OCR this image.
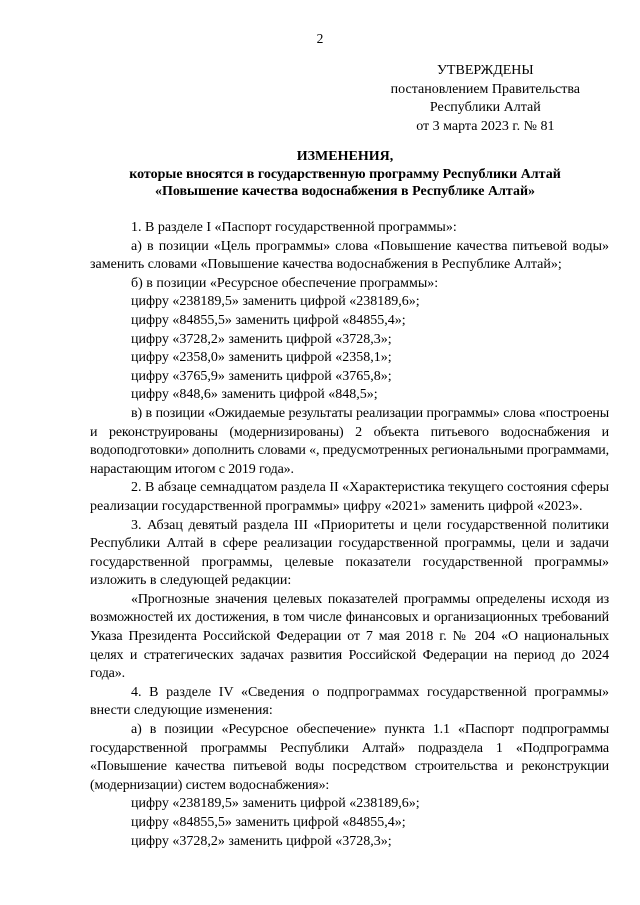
2
УТВЕРЖДЕНЫ
постановлением Правительства
Республики Алтай
от 3 марта 2023 г. № 81
ИЗМЕНЕНИЯ,
которые вносятся в государственную программу Республики Алтай
«Повышение качества водоснабжения в Республике Алтай»
1. В разделе I «Паспорт государственной программы»:
а) в позиции «Цель программы» слова «Повышение качества питьевой воды» заменить словами «Повышение качества водоснабжения в Республике Алтай»;
б) в позиции «Ресурсное обеспечение программы»:
цифру «238189,5» заменить цифрой «238189,6»;
цифру «84855,5» заменить цифрой «84855,4»;
цифру «3728,2» заменить цифрой «3728,3»;
цифру «2358,0» заменить цифрой «2358,1»;
цифру «3765,9» заменить цифрой «3765,8»;
цифру «848,6» заменить цифрой «848,5»;
в) в позиции «Ожидаемые результаты реализации программы» слова «построены и реконструированы (модернизированы) 2 объекта питьевого водоснабжения и водоподготовки» дополнить словами «, предусмотренных региональными программами, нарастающим итогом с 2019 года».
2. В абзаце семнадцатом раздела II «Характеристика текущего состояния сферы реализации государственной программы» цифру «2021» заменить цифрой «2023».
3. Абзац девятый раздела III «Приоритеты и цели государственной политики Республики Алтай в сфере реализации государственной программы, цели и задачи государственной программы, целевые показатели государственной программы» изложить в следующей редакции:
«Прогнозные значения целевых показателей программы определены исходя из возможностей их достижения, в том числе финансовых и организационных требований Указа Президента Российской Федерации от 7 мая 2018 г. № 204 «О национальных целях и стратегических задачах развития Российской Федерации на период до 2024 года».
4. В разделе IV «Сведения о подпрограммах государственной программы» внести следующие изменения:
а) в позиции «Ресурсное обеспечение» пункта 1.1 «Паспорт подпрограммы государственной программы Республики Алтай» подраздела 1 «Подпрограмма «Повышение качества питьевой воды посредством строительства и реконструкции (модернизации) систем водоснабжения»:
цифру «238189,5» заменить цифрой «238189,6»;
цифру «84855,5» заменить цифрой «84855,4»;
цифру «3728,2» заменить цифрой «3728,3»;
